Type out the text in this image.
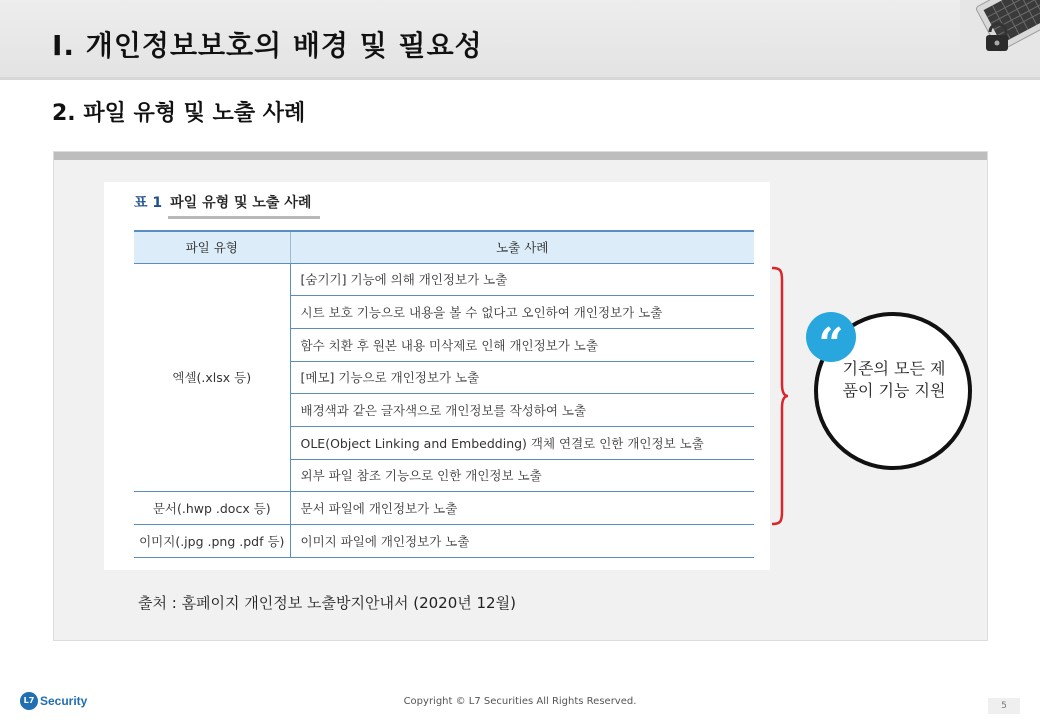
Ⅰ. 개인정보보호의 배경 및 필요성
2. 파일 유형 및 노출 사례
표 1 파일 유형 및 노출 사례
파일 유형	노출 사례
엑셀(.xlsx 등)	[숨기기] 기능에 의해 개인정보가 노출
	시트 보호 기능으로 내용을 볼 수 없다고 오인하여 개인정보가 노출
	함수 치환 후 원본 내용 미삭제로 인해 개인정보가 노출
	[메모] 기능으로 개인정보가 노출
	배경색과 같은 글자색으로 개인정보를 작성하여 노출
	OLE(Object Linking and Embedding) 객체 연결로 인한 개인정보 노출
	외부 파일 참조 기능으로 인한 개인정보 노출
문서(.hwp .docx 등)	문서 파일에 개인정보가 노출
이미지(.jpg .png .pdf 등)	이미지 파일에 개인정보가 노출
“
기존의 모든 제품이 기능 지원
출처 : 홈페이지 개인정보 노출방지안내서 (2020년 12월)
L7 Security	Copyright © L7 Securities All Rights Reserved.	5
